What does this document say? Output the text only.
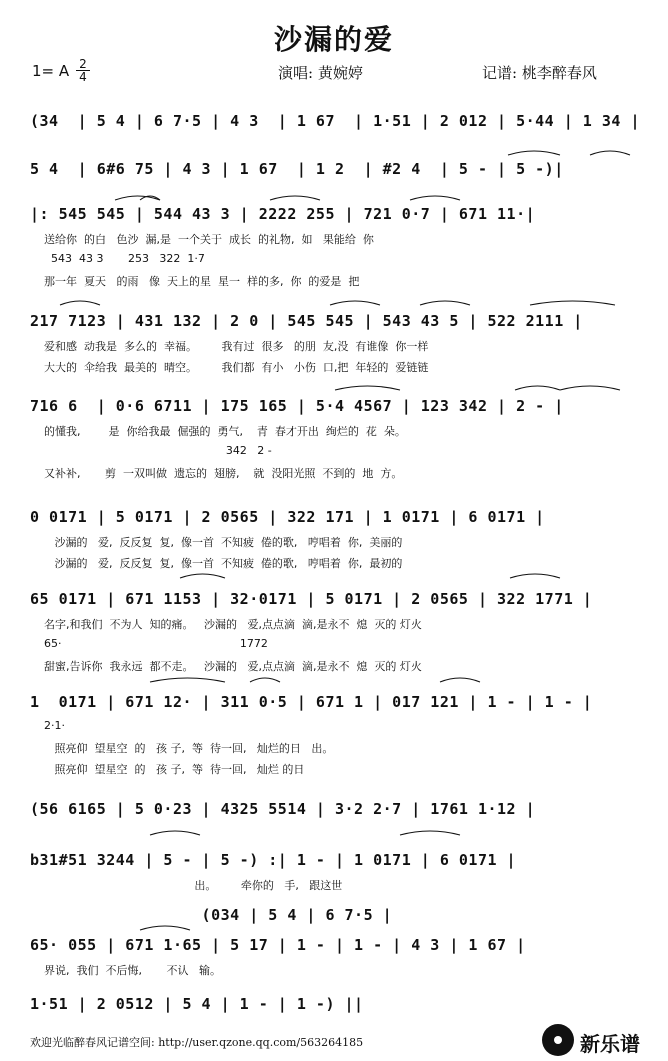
沙漏的爱
1= A 2
4	演唱: 黄婉婷	记谱: 桃李醉春风
(34  | 5 4 | 6 7·5 | 4 3  | 1 67  | 1·51 | 2 012 | 5·44 | 1 34 |
5 4  | 6#6 75 | 4 3 | 1 67  | 1 2  | #2 4  | 5 - | 5 -)|
|: 545 545 | 544 43 3 | 2222 255 | 721 0·7 | 671 11·|
送给你  的白   色沙  漏,是  一个关于  成长  的礼物,  如   果能给  你
543  43 3       253   322  1·7
那一年  夏天   的雨   像  天上的星  星一  样的多,  你  的爱是  把
217 7123 | 431 132 | 2 0 | 545 545 | 543 43 5 | 522 2111 |
爱和感  动我是  多么的  幸福。       我有过  很多   的朋  友,没  有谁像  你一样
大大的  伞给我  最美的  晴空。       我们都  有小   小伤  口,把  年轻的  爱链链
716 6  | 0·6 6711 | 175 165 | 5·4 4567 | 123 342 | 2 - |
的懂我,        是  你给我最  倔强的  勇气,    青  春才开出  绚烂的  花  朵。
342   2 -
又补补,       剪  一双叫做  遗忘的  翅膀,    就  没阳光照  不到的  地  方。
0 0171 | 5 0171 | 2 0565 | 322 171 | 1 0171 | 6 0171 |
沙漏的   爱,  反反复  复,  像一首  不知疲  倦的歌,   哼唱着  你,  美丽的
沙漏的   爱,  反反复  复,  像一首  不知疲  倦的歌,   哼唱着  你,  最初的
65 0171 | 671 1153 | 32·0171 | 5 0171 | 2 0565 | 322 1771 |
名字,和我们  不为人  知的痛。   沙漏的   爱,点点滴  滴,是永不  熄  灭的 灯火
65·                                                   1772
甜蜜,告诉你  我永远  都不走。   沙漏的   爱,点点滴  滴,是永不  熄  灭的 灯火
1  0171 | 671 12· | 311 0·5 | 671 1 | 017 121 | 1 - | 1 - |
2·1·
照亮仰  望星空  的   孩 子,  等  待一回,   灿烂的日   出。
照亮仰  望星空  的   孩 子,  等  待一回,   灿烂 的日
(56 6165 | 5 0·23 | 4325 5514 | 3·2 2·7 | 1761 1·12 |
b31#51 3244 | 5 - | 5 -) :| 1 - | 1 0171 | 6 0171 |
出。       牵你的   手,   跟这世
(034 | 5 4 | 6 7·5 |
65· 055 | 671 1·65 | 5 17 | 1 - | 1 - | 4 3 | 1 67 |
界说,  我们  不后悔,       不认   输。
1·51 | 2 0512 | 5 4 | 1 - | 1 -) ||
欢迎光临醉春风记谱空间: http://user.qzone.qq.com/563264185	新乐谱
